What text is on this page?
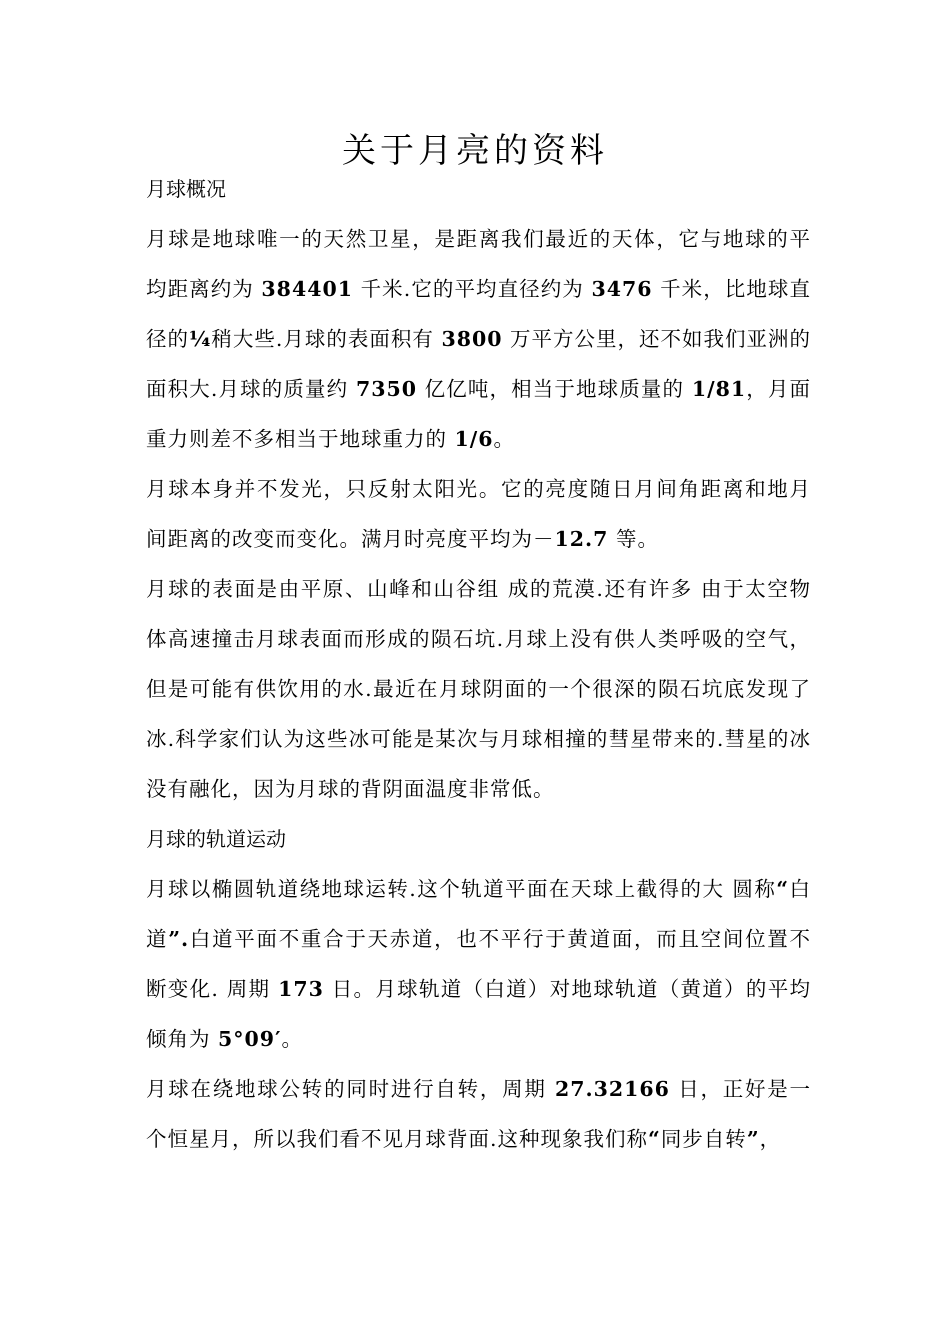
关于月亮的资料

月球概况

月球是地球唯一的天然卫星，是距离我们最近的天体，它与地球的平均距离约为 384401 千米.它的平均直径约为 3476 千米，比地球直径的¼稍大些.月球的表面积有 3800 万平方公里，还不如我们亚洲的面积大.月球的质量约 7350 亿亿吨，相当于地球质量的 1/81，月面重力则差不多相当于地球重力的 1/6。

月球本身并不发光，只反射太阳光。它的亮度随日月间角距离和地月间距离的改变而变化。满月时亮度平均为－12.7 等。

月球的表面是由平原、山峰和山谷组 成的荒漠.还有许多 由于太空物体高速撞击月球表面而形成的陨石坑.月球上没有供人类呼吸的空气，但是可能有供饮用的水.最近在月球阴面的一个很深的陨石坑底发现了冰.科学家们认为这些冰可能是某次与月球相撞的彗星带来的.彗星的冰没有融化，因为月球的背阴面温度非常低。

月球的轨道运动

月球以椭圆轨道绕地球运转.这个轨道平面在天球上截得的大 圆称“白道”.白道平面不重合于天赤道，也不平行于黄道面，而且空间位置不断变化. 周期 173 日。月球轨道（白道）对地球轨道（黄道）的平均倾角为 5°09′。

月球在绕地球公转的同时进行自转，周期 27.32166 日，正好是一个恒星月，所以我们看不见月球背面.这种现象我们称“同步自转”，
